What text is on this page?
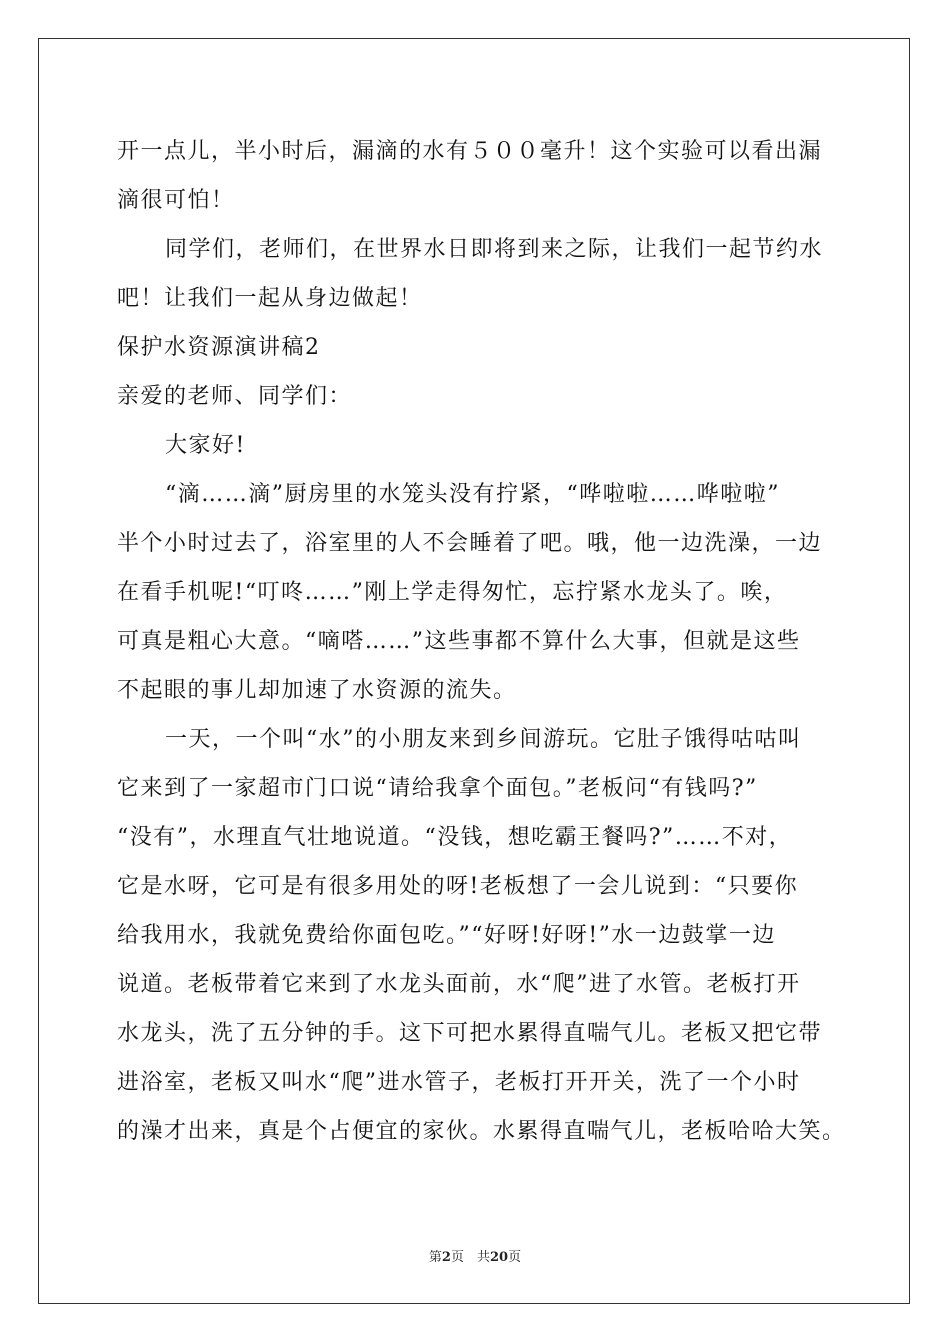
开一点儿，半小时后，漏滴的水有５００毫升！这个实验可以看出漏
滴很可怕！
同学们，老师们，在世界水日即将到来之际，让我们一起节约水
吧！让我们一起从身边做起！
保护水资源演讲稿2
亲爱的老师、同学们：
大家好!
“滴……滴”厨房里的水笼头没有拧紧，“哗啦啦……哗啦啦”
半个小时过去了，浴室里的人不会睡着了吧。哦，他一边洗澡，一边
在看手机呢!“叮咚……”刚上学走得匆忙，忘拧紧水龙头了。唉，
可真是粗心大意。“嘀嗒……”这些事都不算什么大事，但就是这些
不起眼的事儿却加速了水资源的流失。
一天，一个叫“水”的小朋友来到乡间游玩。它肚子饿得咕咕叫
它来到了一家超市门口说“请给我拿个面包。”老板问“有钱吗?”
“没有”，水理直气壮地说道。“没钱，想吃霸王餐吗?”……不对，
它是水呀，它可是有很多用处的呀!老板想了一会儿说到：“只要你
给我用水，我就免费给你面包吃。”“好呀!好呀!”水一边鼓掌一边
说道。老板带着它来到了水龙头面前，水“爬”进了水管。老板打开
水龙头，洗了五分钟的手。这下可把水累得直喘气儿。老板又把它带
进浴室，老板又叫水“爬”进水管子，老板打开开关，洗了一个小时
的澡才出来，真是个占便宜的家伙。水累得直喘气儿，老板哈哈大笑。
第2页　共20页
